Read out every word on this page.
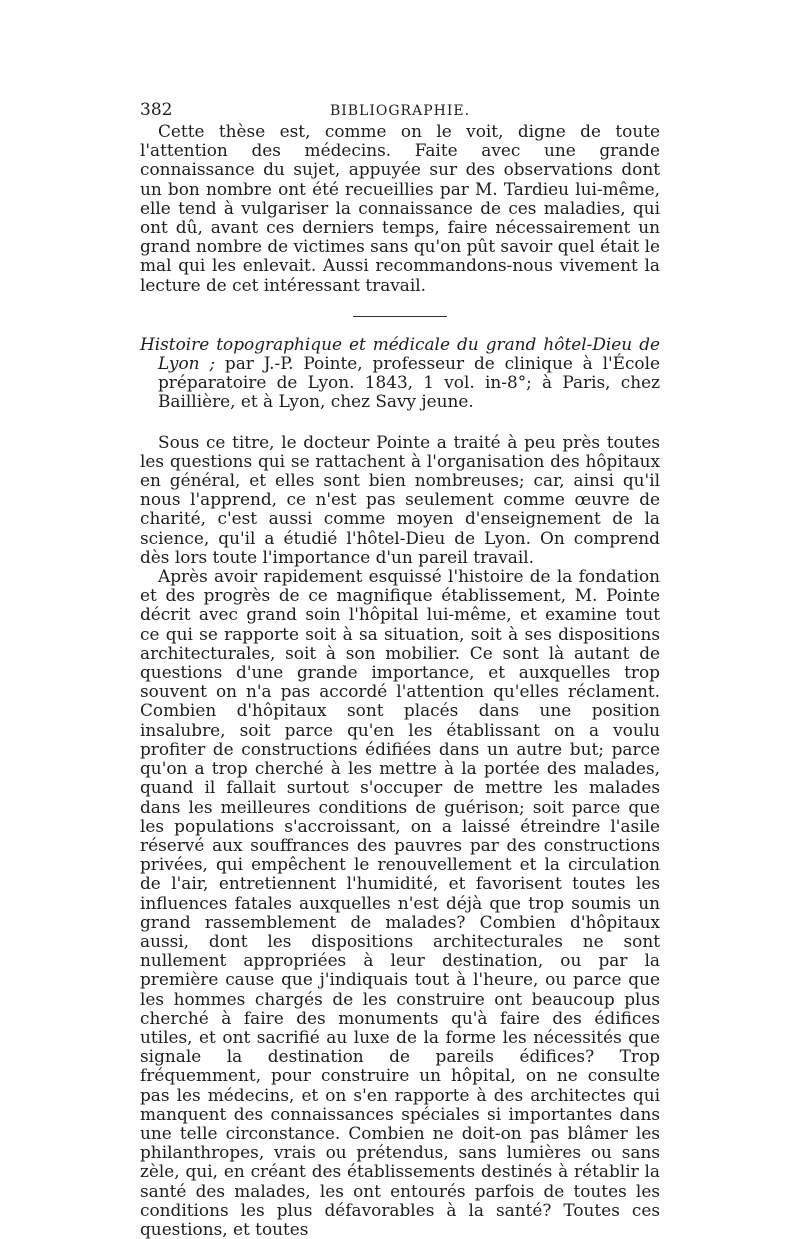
382	BIBLIOGRAPHIE.

Cette thèse est, comme on le voit, digne de toute l'attention des médecins. Faite avec une grande connaissance du sujet, appuyée sur des observations dont un bon nombre ont été recueillies par M. Tardieu lui-même, elle tend à vulgariser la connaissance de ces maladies, qui ont dû, avant ces derniers temps, faire nécessairement un grand nombre de victimes sans qu'on pût savoir quel était le mal qui les enlevait. Aussi recommandons-nous vivement la lecture de cet intéressant travail.

Histoire topographique et médicale du grand hôtel-Dieu de Lyon ; par J.-P. Pointe, professeur de clinique à l'École préparatoire de Lyon. 1843, 1 vol. in-8°; à Paris, chez Baillière, et à Lyon, chez Savy jeune.

Sous ce titre, le docteur Pointe a traité à peu près toutes les questions qui se rattachent à l'organisation des hôpitaux en général, et elles sont bien nombreuses; car, ainsi qu'il nous l'apprend, ce n'est pas seulement comme œuvre de charité, c'est aussi comme moyen d'enseignement de la science, qu'il a étudié l'hôtel-Dieu de Lyon. On comprend dès lors toute l'importance d'un pareil travail.

Après avoir rapidement esquissé l'histoire de la fondation et des progrès de ce magnifique établissement, M. Pointe décrit avec grand soin l'hôpital lui-même, et examine tout ce qui se rapporte soit à sa situation, soit à ses dispositions architecturales, soit à son mobilier. Ce sont là autant de questions d'une grande importance, et auxquelles trop souvent on n'a pas accordé l'attention qu'elles réclament. Combien d'hôpitaux sont placés dans une position insalubre, soit parce qu'en les établissant on a voulu profiter de constructions édifiées dans un autre but; parce qu'on a trop cherché à les mettre à la portée des malades, quand il fallait surtout s'occuper de mettre les malades dans les meilleures conditions de guérison; soit parce que les populations s'accroissant, on a laissé étreindre l'asile réservé aux souffrances des pauvres par des constructions privées, qui empêchent le renouvellement et la circulation de l'air, entretiennent l'humidité, et favorisent toutes les influences fatales auxquelles n'est déjà que trop soumis un grand rassemblement de malades? Combien d'hôpitaux aussi, dont les dispositions architecturales ne sont nullement appropriées à leur destination, ou par la première cause que j'indiquais tout à l'heure, ou parce que les hommes chargés de les construire ont beaucoup plus cherché à faire des monuments qu'à faire des édifices utiles, et ont sacrifié au luxe de la forme les nécessités que signale la destination de pareils édifices? Trop fréquemment, pour construire un hôpital, on ne consulte pas les médecins, et on s'en rapporte à des architectes qui manquent des connaissances spéciales si importantes dans une telle circonstance. Combien ne doit-on pas blâmer les philanthropes, vrais ou prétendus, sans lumières ou sans zèle, qui, en créant des établissements destinés à rétablir la santé des malades, les ont entourés parfois de toutes les conditions les plus défavorables à la santé? Toutes ces questions, et toutes
